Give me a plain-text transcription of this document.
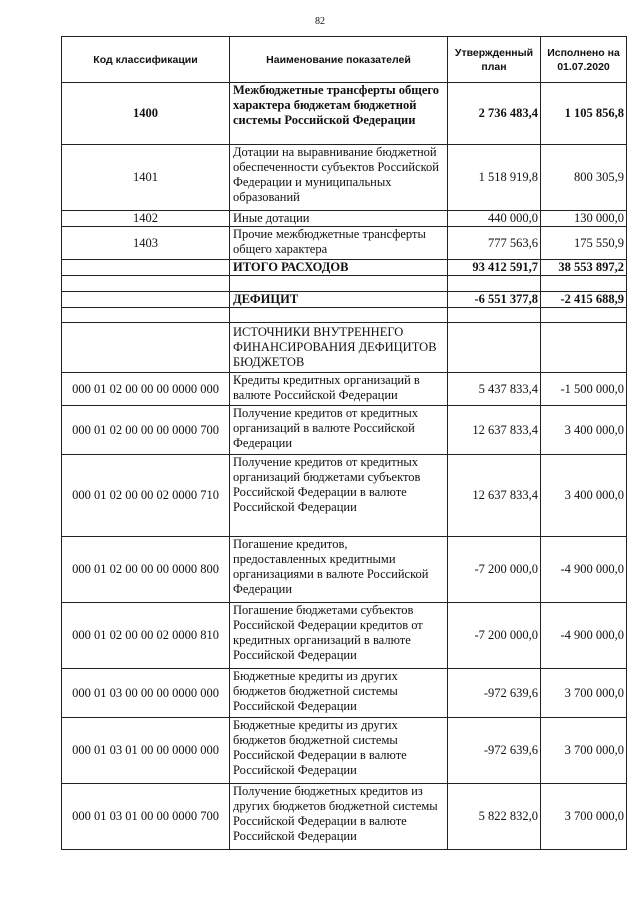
82
Код классификации	Наименование показателей	Утвержденный план	Исполнено на 01.07.2020
1400	Межбюджетные трансферты общего характера бюджетам бюджетной системы Российской Федерации	2 736 483,4	1 105 856,8
1401	Дотации на выравнивание бюджетной обеспеченности субъектов Российской Федерации и муниципальных образований	1 518 919,8	800 305,9
1402	Иные дотации	440 000,0	130 000,0
1403	Прочие межбюджетные трансферты общего характера	777 563,6	175 550,9
	ИТОГО РАСХОДОВ	93 412 591,7	38 553 897,2

	ДЕФИЦИТ	-6 551 377,8	-2 415 688,9

	ИСТОЧНИКИ ВНУТРЕННЕГО ФИНАНСИРОВАНИЯ ДЕФИЦИТОВ БЮДЖЕТОВ		
000 01 02 00 00 00 0000 000	Кредиты кредитных организаций в валюте Российской Федерации	5 437 833,4	-1 500 000,0
000 01 02 00 00 00 0000 700	Получение кредитов от кредитных организаций в валюте Российской Федерации	12 637 833,4	3 400 000,0
000 01 02 00 00 02 0000 710	Получение кредитов от кредитных организаций бюджетами субъектов Российской Федерации в валюте Российской Федерации	12 637 833,4	3 400 000,0
000 01 02 00 00 00 0000 800	Погашение кредитов, предоставленных кредитными организациями в валюте Российской Федерации	-7 200 000,0	-4 900 000,0
000 01 02 00 00 02 0000 810	Погашение бюджетами субъектов Российской Федерации кредитов от кредитных организаций в валюте Российской Федерации	-7 200 000,0	-4 900 000,0
000 01 03 00 00 00 0000 000	Бюджетные кредиты из других бюджетов бюджетной системы Российской Федерации	-972 639,6	3 700 000,0
000 01 03 01 00 00 0000 000	Бюджетные кредиты из других бюджетов бюджетной системы Российской Федерации в валюте Российской Федерации	-972 639,6	3 700 000,0
000 01 03 01 00 00 0000 700	Получение бюджетных кредитов из других бюджетов бюджетной системы Российской Федерации в валюте Российской Федерации	5 822 832,0	3 700 000,0
